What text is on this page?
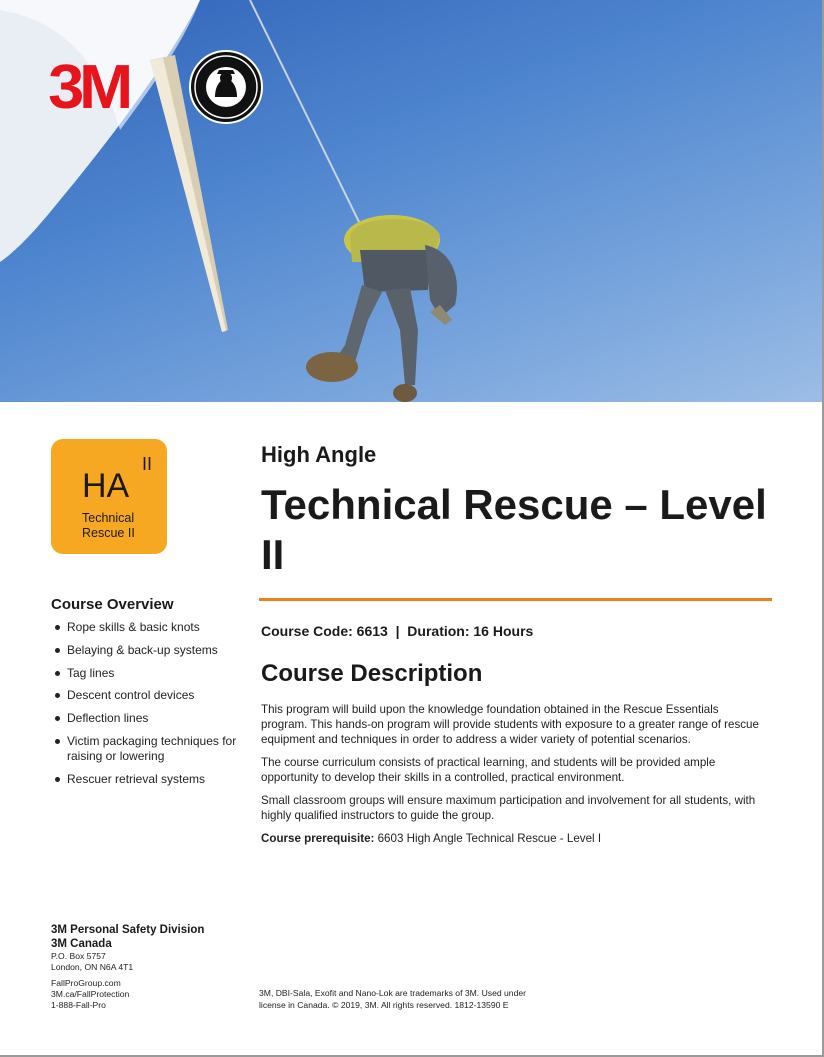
3M
HA
II
Technical
Rescue II
Course Overview
Rope skills & basic knots
Belaying & back-up systems
Tag lines
Descent control devices
Deflection lines
Victim packaging techniques for raising or lowering
Rescuer retrieval systems
High Angle
Technical Rescue – Level II
Course Code: 6613  |  Duration: 16 Hours
Course Description

This program will build upon the knowledge foundation obtained in the Rescue Essentials program. This hands-on program will provide students with exposure to a greater range of rescue equipment and techniques in order to address a wider variety of potential scenarios.

The course curriculum consists of practical learning, and students will be provided ample opportunity to develop their skills in a controlled, practical environment.

Small classroom groups will ensure maximum participation and involvement for all students, with highly qualified instructors to guide the group.

Course prerequisite: 6603 High Angle Technical Rescue - Level I

3M Personal Safety Division
3M Canada
P.O. Box 5757
London, ON N6A 4T1
FallProGroup.com
3M.ca/FallProtection
1-888-Fall-Pro
3M, DBI-Sala, Exofit and Nano-Lok are trademarks of 3M. Used under
license in Canada. © 2019, 3M. All rights reserved. 1812-13590 E
